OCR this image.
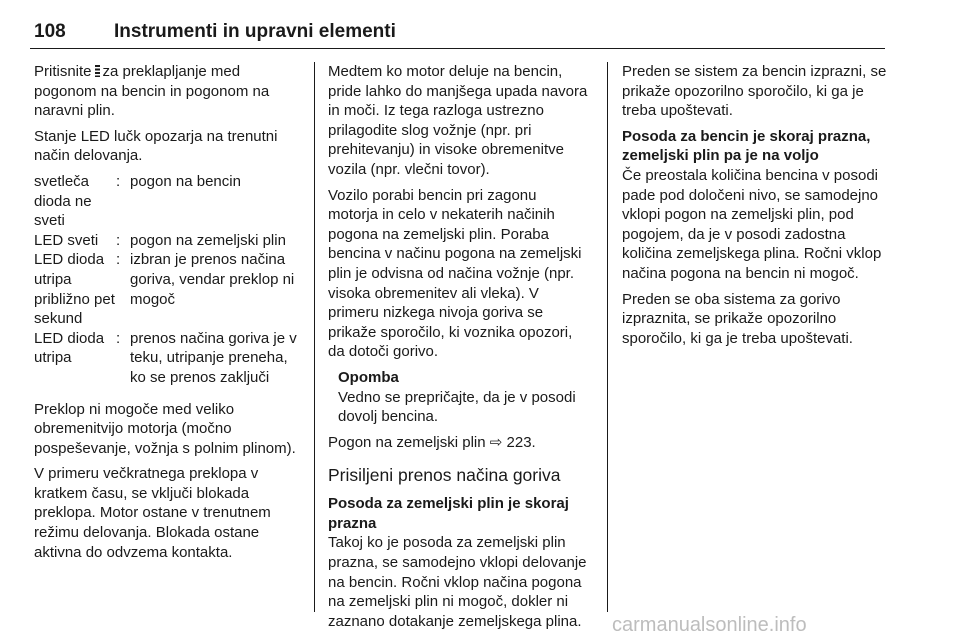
108	Instrumenti in upravni elementi

Pritisnite za preklapljanje med pogonom na bencin in pogonom na naravni plin.

Stanje LED lučk opozarja na trenutni način delovanja.

svetleča dioda ne sveti
: pogon na bencin
LED sveti	: pogon na zemeljski plin
LED dioda utripa približno pet sekund
: izbran je prenos načina goriva, vendar preklop ni mogoč
LED dioda utripa
: prenos načina goriva je v teku, utripanje preneha, ko se prenos zaključi

Preklop ni mogoče med veliko obremenitvijo motorja (močno pospeševanje, vožnja s polnim plinom).

V primeru večkratnega preklopa v kratkem času, se vključi blokada preklopa. Motor ostane v trenutnem režimu delovanja. Blokada ostane aktivna do odvzema kontakta.

Medtem ko motor deluje na bencin, pride lahko do manjšega upada navora in moči. Iz tega razloga ustrezno prilagodite slog vožnje (npr. pri prehitevanju) in visoke obremenitve vozila (npr. vlečni tovor).

Vozilo porabi bencin pri zagonu motorja in celo v nekaterih načinih pogona na zemeljski plin. Poraba bencina v načinu pogona na zemeljski plin je odvisna od načina vožnje (npr. visoka obremenitev ali vleka). V primeru nizkega nivoja goriva se prikaže sporočilo, ki voznika opozori, da dotoči gorivo.

Opomba
Vedno se prepričajte, da je v posodi dovolj bencina.

Pogon na zemeljski plin ⇨ 223.

Prisiljeni prenos načina goriva
Posoda za zemeljski plin je skoraj prazna
Takoj ko je posoda za zemeljski plin prazna, se samodejno vklopi delovanje na bencin. Ročni vklop načina pogona na zemeljski plin ni mogoč, dokler ni zaznano dotakanje zemeljskega plina.

Preden se sistem za bencin izprazni, se prikaže opozorilno sporočilo, ki ga je treba upoštevati.

Posoda za bencin je skoraj prazna, zemeljski plin pa je na voljo
Če preostala količina bencina v posodi pade pod določeni nivo, se samodejno vklopi pogon na zemeljski plin, pod pogojem, da je v posodi zadostna količina zemeljskega plina. Ročni vklop načina pogona na bencin ni mogoč.

Preden se oba sistema za gorivo izpraznita, se prikaže opozorilno sporočilo, ki ga je treba upoštevati.

carmanualsonline.info
